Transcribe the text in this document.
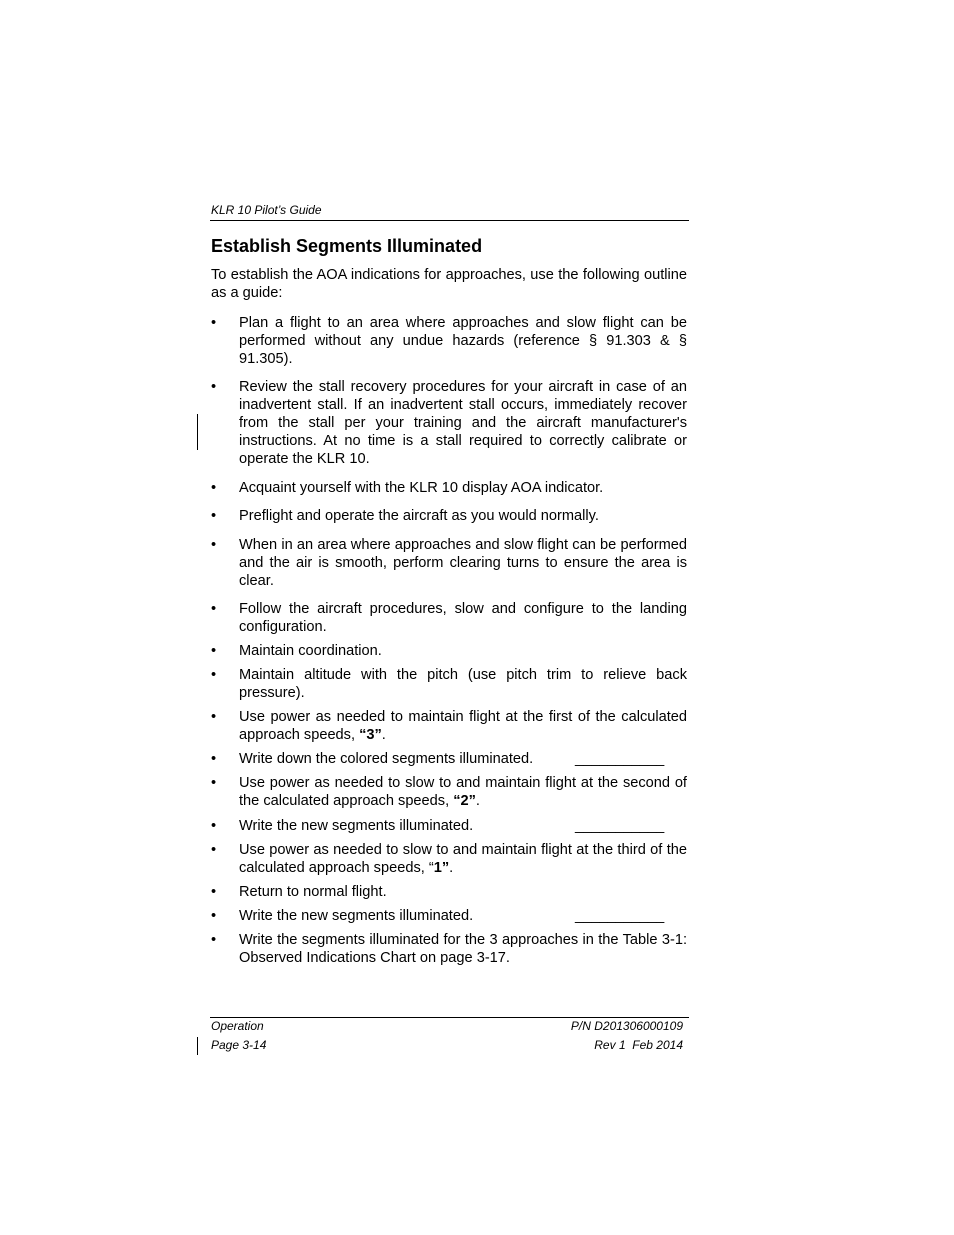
KLR 10 Pilot’s Guide
Establish Segments Illuminated

To establish the AOA indications for approaches, use the following outline as a guide:

•	Plan a flight to an area where approaches and slow flight can be performed without any undue hazards (reference § 91.303 & § 91.305).
•	Review the stall recovery procedures for your aircraft in case of an inadvertent stall. If an inadvertent stall occurs, immediately recover from the stall per your training and the aircraft manufacturer's instructions. At no time is a stall required to correctly calibrate or operate the KLR 10.
•	Acquaint yourself with the KLR 10 display AOA indicator.
•	Preflight and operate the aircraft as you would normally.
•	When in an area where approaches and slow flight can be performed and the air is smooth, perform clearing turns to ensure the area is clear.
•	Follow the aircraft procedures, slow and configure to the landing configuration.
•	Maintain coordination.
•	Maintain altitude with the pitch (use pitch trim to relieve back pressure).
•	Use power as needed to maintain flight at the first of the calculated approach speeds, “3”.
•	Write down the colored segments illuminated.	___________
•	Use power as needed to slow to and maintain flight at the second of the calculated approach speeds, “2”.
•	Write the new segments illuminated.	___________
•	Use power as needed to slow to and maintain flight at the third of the calculated approach speeds, “1”.
•	Return to normal flight.
•	Write the new segments illuminated.	___________
•	Write the segments illuminated for the 3 approaches in the Table 3-1: Observed Indications Chart on page 3-17.
Operation
Page 3-14
P/N D201306000109
Rev 1  Feb 2014
